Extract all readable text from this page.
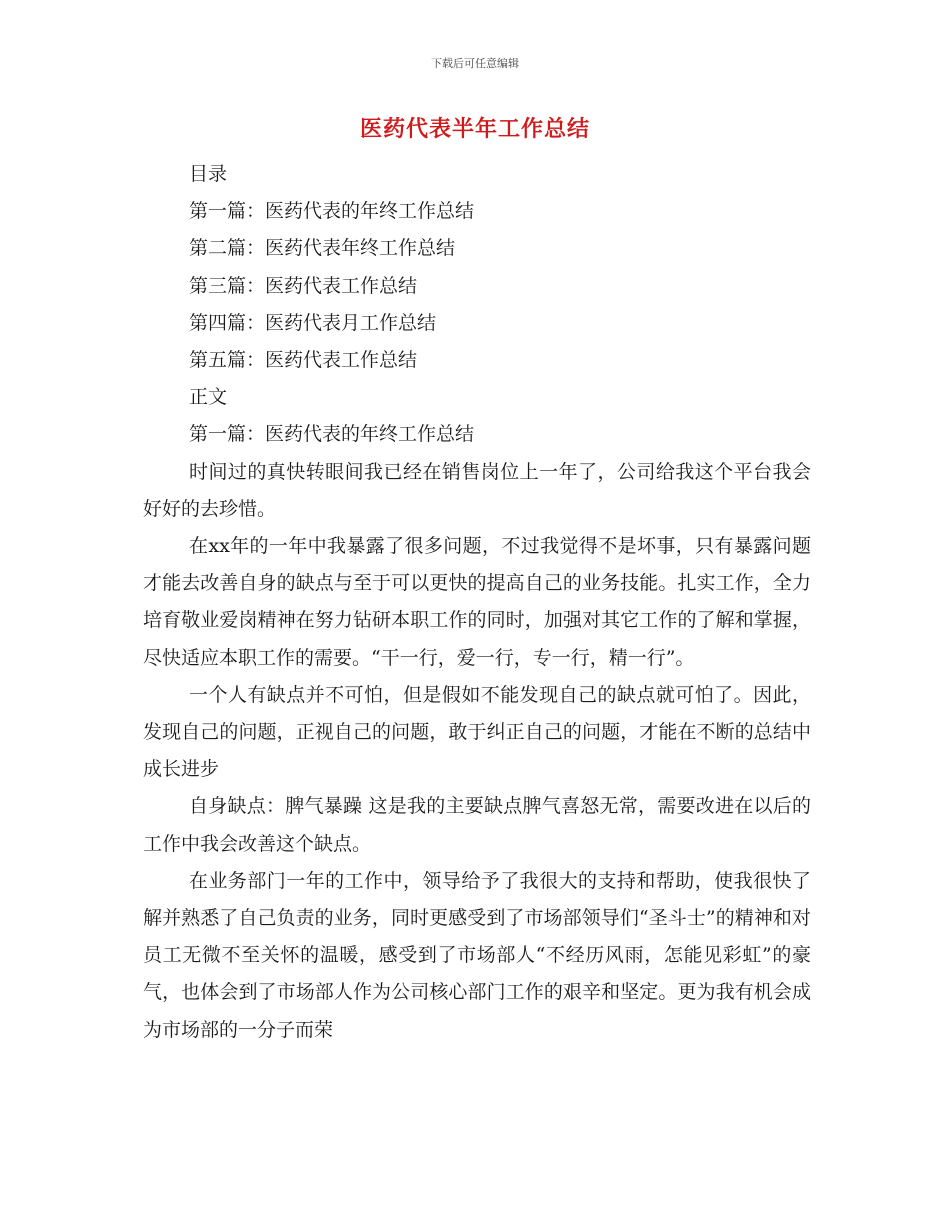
下载后可任意编辑
医药代表半年工作总结
目录
第一篇：医药代表的年终工作总结
第二篇：医药代表年终工作总结
第三篇：医药代表工作总结
第四篇：医药代表月工作总结
第五篇：医药代表工作总结
正文
第一篇：医药代表的年终工作总结
时间过的真快转眼间我已经在销售岗位上一年了，公司给我这个平台我会好好的去珍惜。
在xx年的一年中我暴露了很多问题，不过我觉得不是坏事，只有暴露问题才能去改善自身的缺点与至于可以更快的提高自己的业务技能。扎实工作，全力培育敬业爱岗精神在努力钻研本职工作的同时，加强对其它工作的了解和掌握，尽快适应本职工作的需要。“干一行，爱一行，专一行，精一行”。
一个人有缺点并不可怕，但是假如不能发现自己的缺点就可怕了。因此，发现自己的问题，正视自己的问题，敢于纠正自己的问题，才能在不断的总结中成长进步
自身缺点：脾气暴躁 这是我的主要缺点脾气喜怒无常，需要改进在以后的工作中我会改善这个缺点。
在业务部门一年的工作中，领导给予了我很大的支持和帮助，使我很快了解并熟悉了自己负责的业务，同时更感受到了市场部领导们“圣斗士”的精神和对员工无微不至关怀的温暖，感受到了市场部人“不经历风雨，怎能见彩虹”的豪气，也体会到了市场部人作为公司核心部门工作的艰辛和坚定。更为我有机会成为市场部的一分子而荣
